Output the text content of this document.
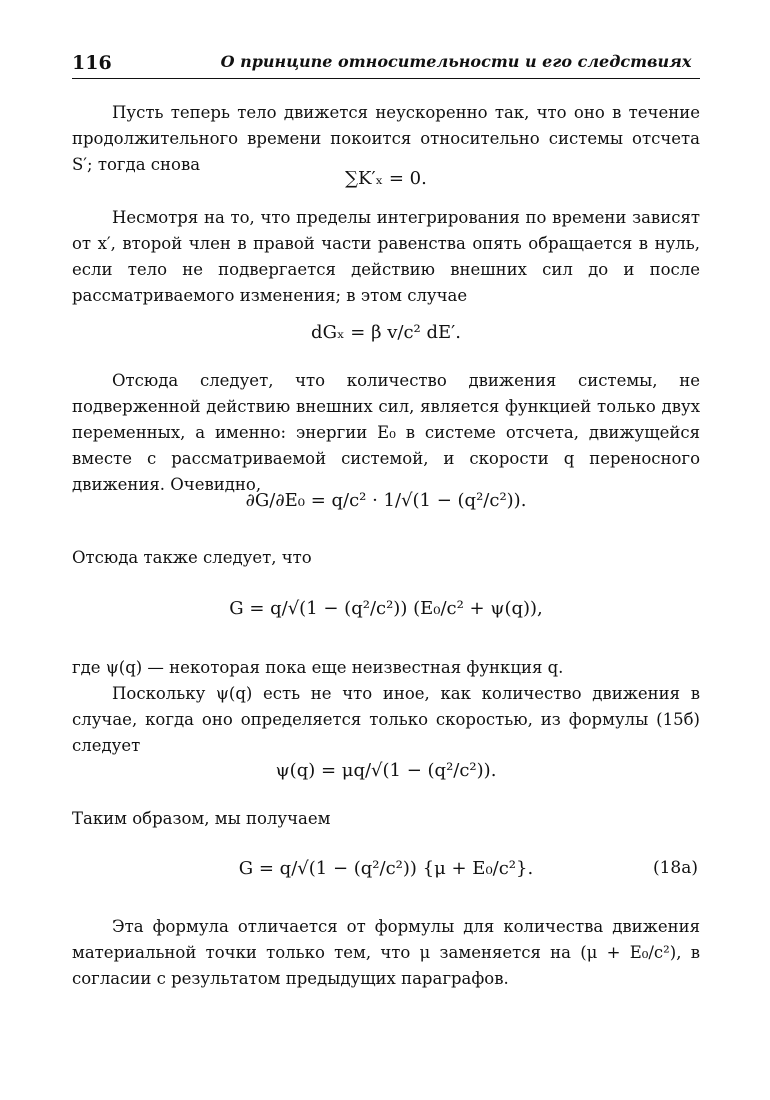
116	О принципе относительности и его следствиях

Пусть теперь тело движется неускоренно так, что оно в течение продолжительного времени покоится относительно системы отсчета S′; тогда снова

∑K′ₓ = 0.

Несмотря на то, что пределы интегрирования по времени зависят от x′, второй член в правой части равенства опять обращается в нуль, если тело не подвергается действию внешних сил до и после рассматриваемого изменения; в этом случае

dGₓ = β v/c² dE′.

Отсюда следует, что количество движения системы, не подверженной действию внешних сил, является функцией только двух переменных, а именно: энергии E₀ в системе отсчета, движущейся вместе с рассматриваемой системой, и скорости q переносного движения. Очевидно,

∂G/∂E₀ = q/c² · 1/√(1 − (q²/c²)).

Отсюда также следует, что

G = q/√(1 − (q²/c²)) (E₀/c² + ψ(q)),

где ψ(q) — некоторая пока еще неизвестная функция q.

Поскольку ψ(q) есть не что иное, как количество движения в случае, когда оно определяется только скоростью, из формулы (15б) следует

ψ(q) = μq/√(1 − (q²/c²)).

Таким образом, мы получаем

G = q/√(1 − (q²/c²)) {μ + E₀/c²}.	(18a)

Эта формула отличается от формулы для количества движения материальной точки только тем, что μ заменяется на (μ + E₀/c²), в согласии с результатом предыдущих параграфов.
